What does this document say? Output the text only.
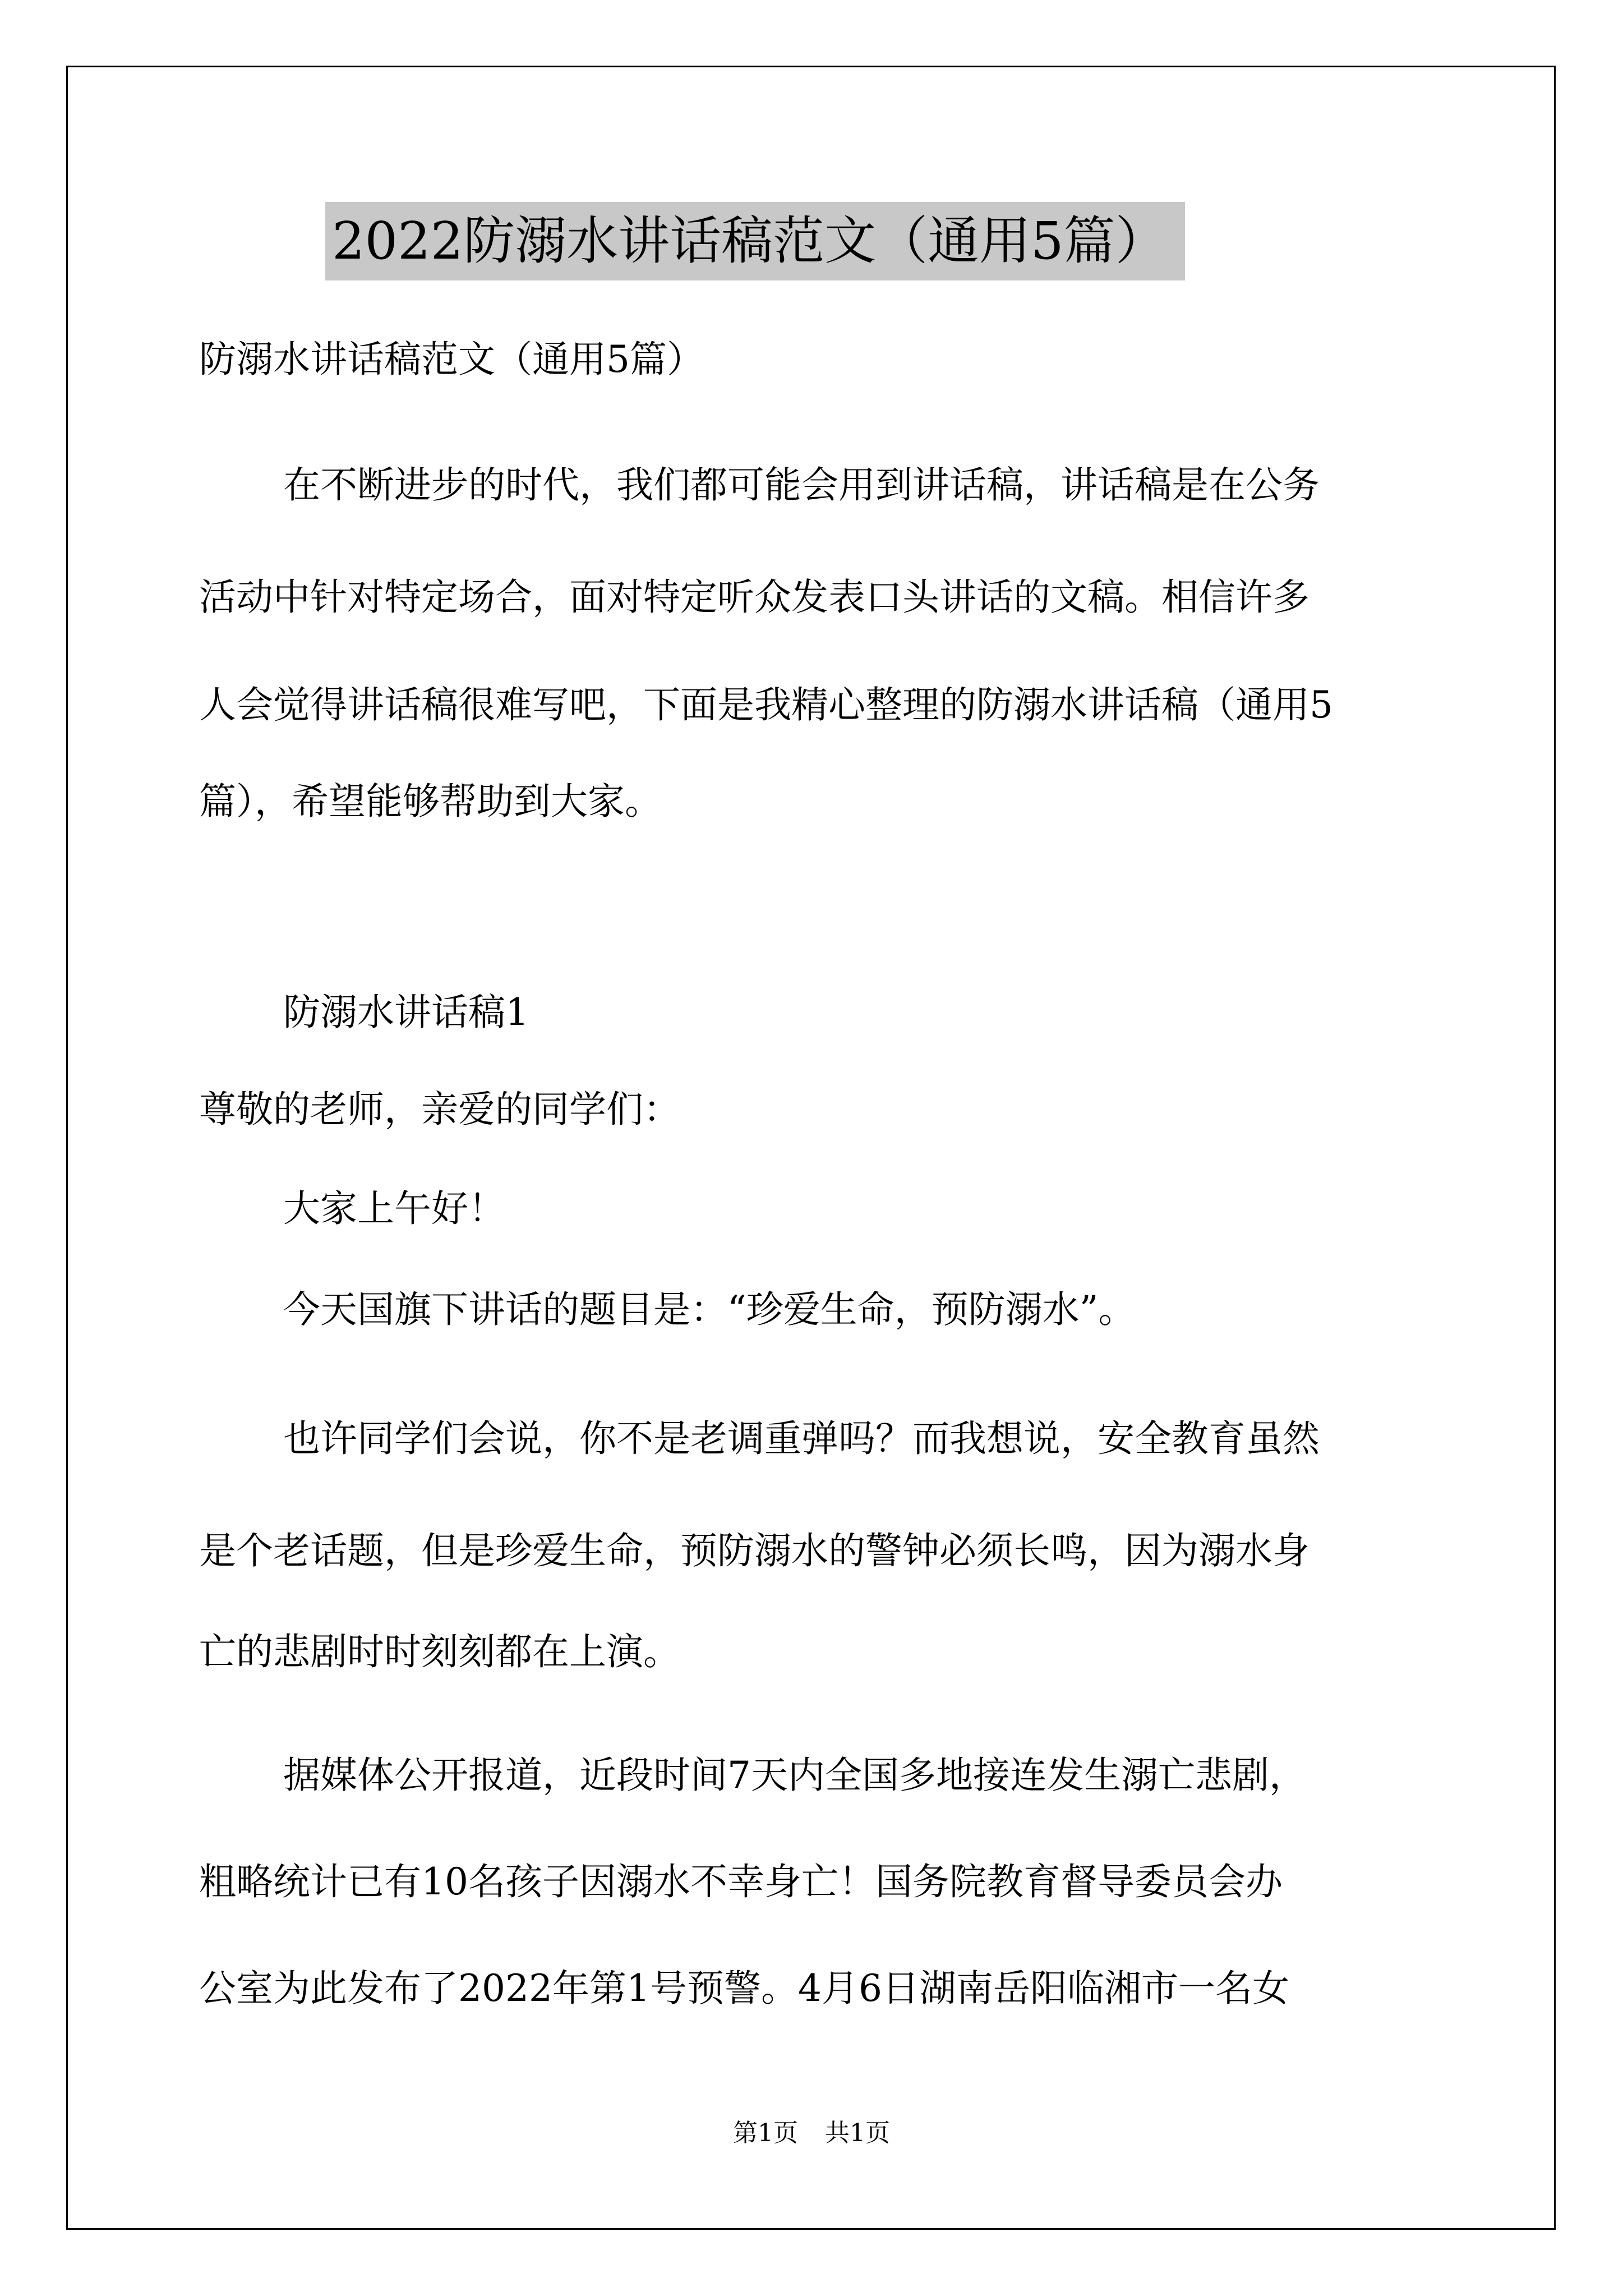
2022防溺水讲话稿范文（通用5篇）
防溺水讲话稿范文（通用5篇）
在不断进步的时代，我们都可能会用到讲话稿，讲话稿是在公务
活动中针对特定场合，面对特定听众发表口头讲话的文稿。相信许多
人会觉得讲话稿很难写吧，下面是我精心整理的防溺水讲话稿（通用5
篇），希望能够帮助到大家。
防溺水讲话稿1
尊敬的老师，亲爱的同学们：
大家上午好！
今天国旗下讲话的题目是：“珍爱生命，预防溺水”。
也许同学们会说，你不是老调重弹吗？而我想说，安全教育虽然
是个老话题，但是珍爱生命，预防溺水的警钟必须长鸣，因为溺水身
亡的悲剧时时刻刻都在上演。
据媒体公开报道，近段时间7天内全国多地接连发生溺亡悲剧，
粗略统计已有10名孩子因溺水不幸身亡！国务院教育督导委员会办
公室为此发布了2022年第1号预警。4月6日湖南岳阳临湘市一名女
第1页 共1页
